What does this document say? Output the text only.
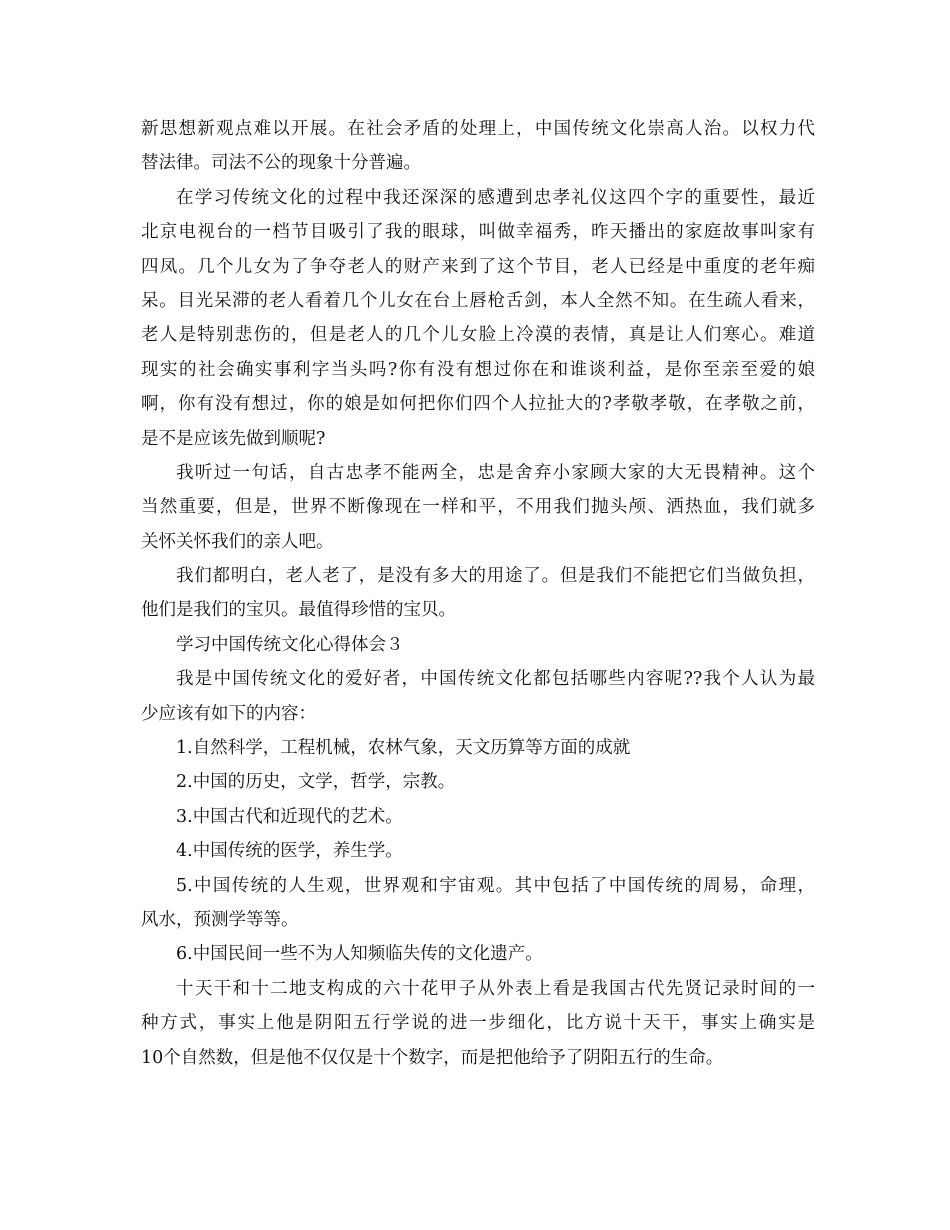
新思想新观点难以开展。在社会矛盾的处理上，中国传统文化崇高人治。以权力代
替法律。司法不公的现象十分普遍。
在学习传统文化的过程中我还深深的感遭到忠孝礼仪这四个字的重要性，最近
北京电视台的一档节目吸引了我的眼球，叫做幸福秀，昨天播出的家庭故事叫家有
四凤。几个儿女为了争夺老人的财产来到了这个节目，老人已经是中重度的老年痴
呆。目光呆滞的老人看着几个儿女在台上唇枪舌剑，本人全然不知。在生疏人看来，
老人是特别悲伤的，但是老人的几个儿女脸上冷漠的表情，真是让人们寒心。难道
现实的社会确实事利字当头吗?你有没有想过你在和谁谈利益，是你至亲至爱的娘
啊，你有没有想过，你的娘是如何把你们四个人拉扯大的?孝敬孝敬，在孝敬之前，
是不是应该先做到顺呢?
我听过一句话，自古忠孝不能两全，忠是舍弃小家顾大家的大无畏精神。这个
当然重要，但是，世界不断像现在一样和平，不用我们抛头颅、洒热血，我们就多
关怀关怀我们的亲人吧。
我们都明白，老人老了，是没有多大的用途了。但是我们不能把它们当做负担，
他们是我们的宝贝。最值得珍惜的宝贝。
学习中国传统文化心得体会３
我是中国传统文化的爱好者，中国传统文化都包括哪些内容呢??我个人认为最
少应该有如下的内容：
1.自然科学，工程机械，农林气象，天文历算等方面的成就
2.中国的历史，文学，哲学，宗教。
3.中国古代和近现代的艺术。
4.中国传统的医学，养生学。
5.中国传统的人生观，世界观和宇宙观。其中包括了中国传统的周易，命理，
风水，预测学等等。
6.中国民间一些不为人知频临失传的文化遗产。
十天干和十二地支构成的六十花甲子从外表上看是我国古代先贤记录时间的一
种方式，事实上他是阴阳五行学说的进一步细化，比方说十天干，事实上确实是
10个自然数，但是他不仅仅是十个数字，而是把他给予了阴阳五行的生命。
